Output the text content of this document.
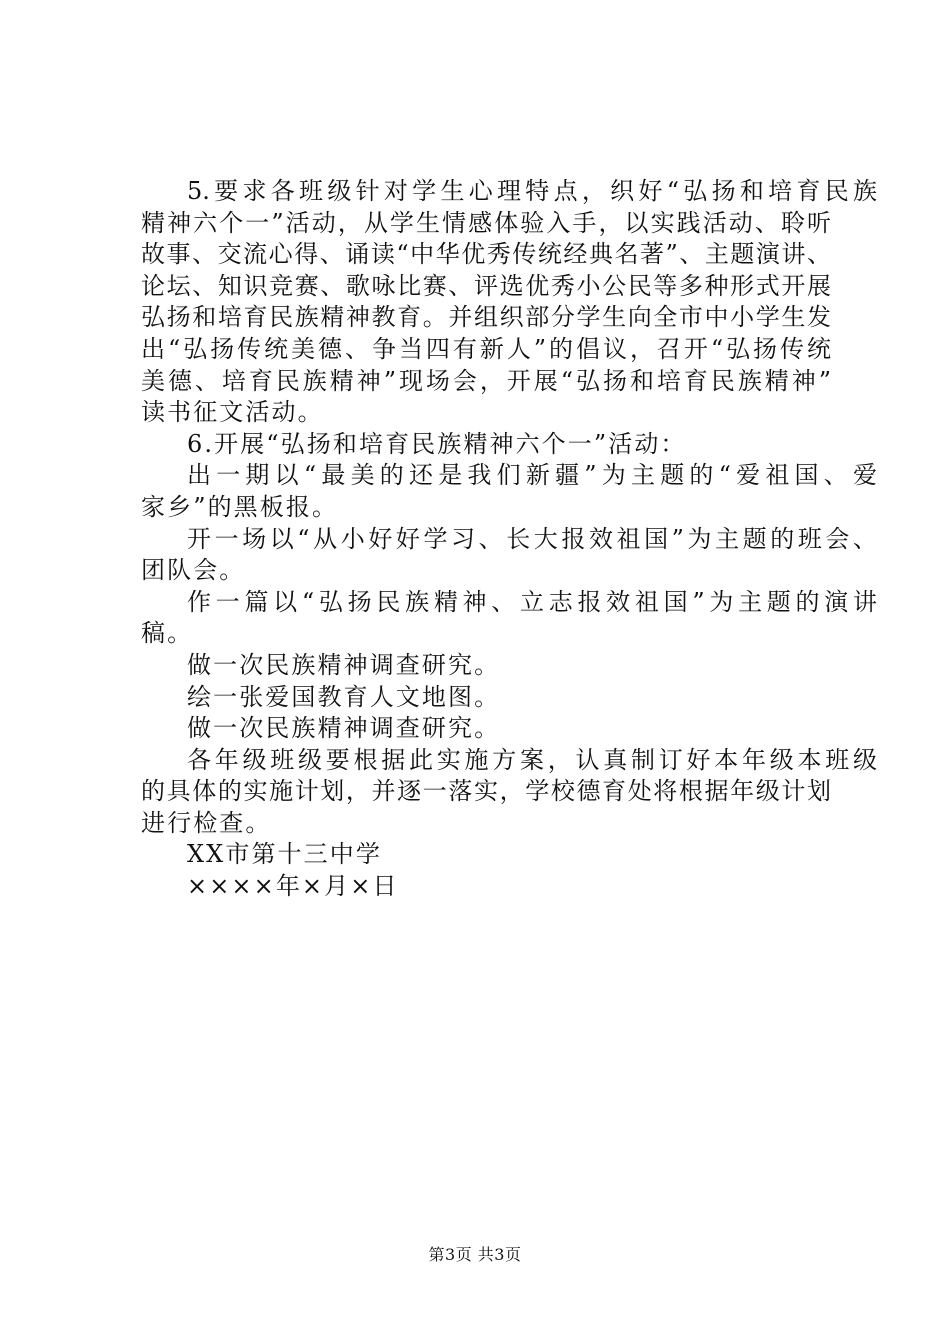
5.要求各班级针对学生心理特点，织好“弘扬和培育民族
精神六个一”活动，从学生情感体验入手，以实践活动、聆听
故事、交流心得、诵读“中华优秀传统经典名著”、主题演讲、
论坛、知识竞赛、歌咏比赛、评选优秀小公民等多种形式开展
弘扬和培育民族精神教育。并组织部分学生向全市中小学生发
出“弘扬传统美德、争当四有新人”的倡议，召开“弘扬传统
美德、培育民族精神”现场会，开展“弘扬和培育民族精神”
读书征文活动。
6.开展“弘扬和培育民族精神六个一”活动：
出一期以“最美的还是我们新疆”为主题的“爱祖国、爱
家乡”的黑板报。
开一场以“从小好好学习、长大报效祖国”为主题的班会、
团队会。
作一篇以“弘扬民族精神、立志报效祖国”为主题的演讲
稿。
做一次民族精神调查研究。
绘一张爱国教育人文地图。
做一次民族精神调查研究。
各年级班级要根据此实施方案，认真制订好本年级本班级
的具体的实施计划，并逐一落实，学校德育处将根据年级计划
进行检查。
XX市第十三中学
××××年×月×日
第3页 共3页
